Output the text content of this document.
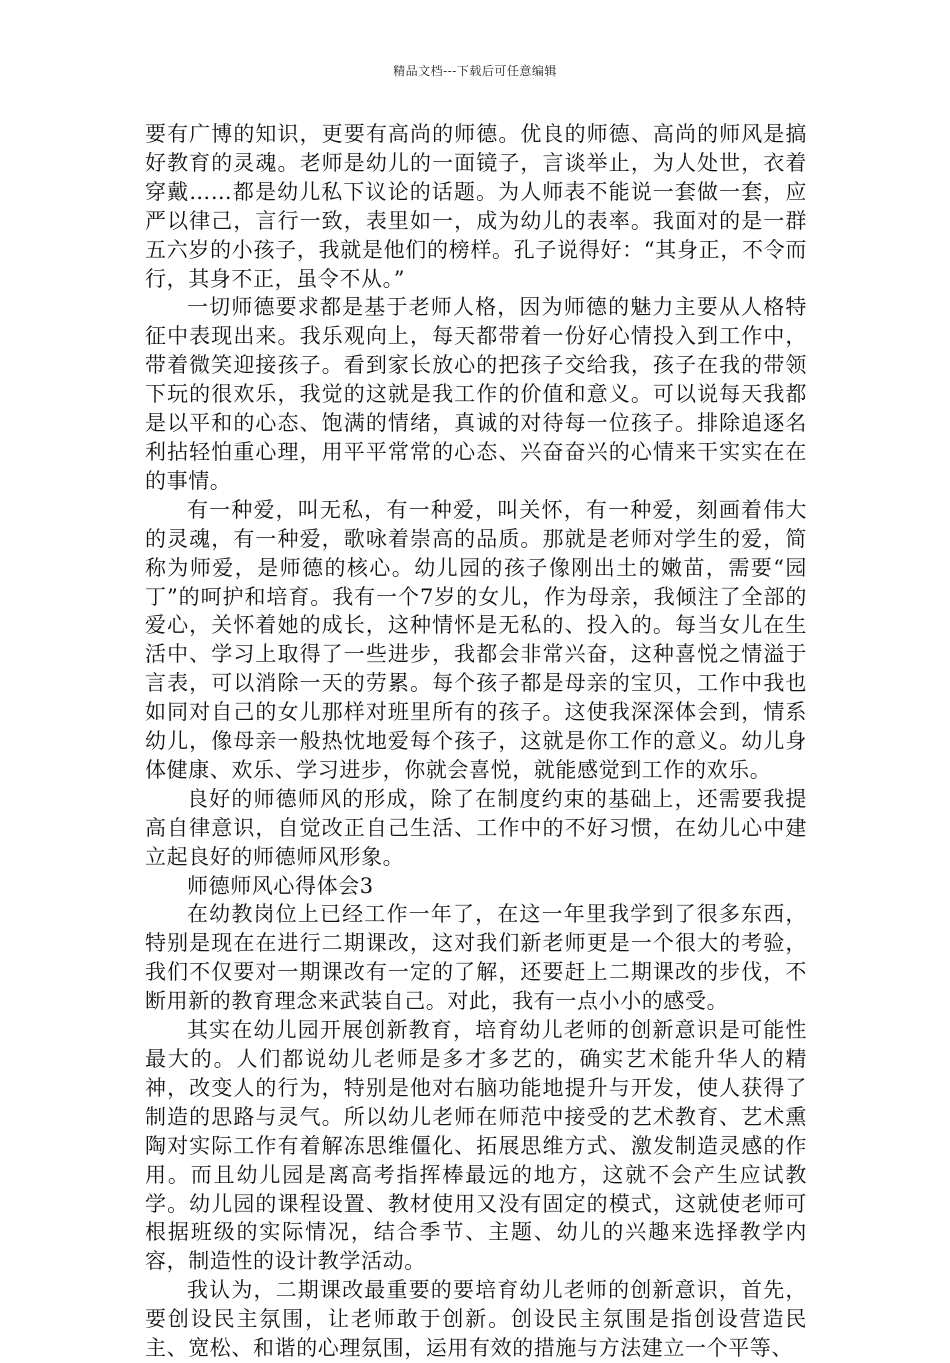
精品文档---下载后可任意编辑

要有广博的知识，更要有高尚的师德。优良的师德、高尚的师风是搞好教育的灵魂。老师是幼儿的一面镜子，言谈举止，为人处世，衣着穿戴……都是幼儿私下议论的话题。为人师表不能说一套做一套，应严以律己，言行一致，表里如一，成为幼儿的表率。我面对的是一群五六岁的小孩子，我就是他们的榜样。孔子说得好：“其身正，不令而行，其身不正，虽令不从。”

一切师德要求都是基于老师人格，因为师德的魅力主要从人格特征中表现出来。我乐观向上，每天都带着一份好心情投入到工作中，带着微笑迎接孩子。看到家长放心的把孩子交给我，孩子在我的带领下玩的很欢乐，我觉的这就是我工作的价值和意义。可以说每天我都是以平和的心态、饱满的情绪，真诚的对待每一位孩子。排除追逐名利拈轻怕重心理，用平平常常的心态、兴奋奋兴的心情来干实实在在的事情。

有一种爱，叫无私，有一种爱，叫关怀，有一种爱，刻画着伟大的灵魂，有一种爱，歌咏着崇高的品质。那就是老师对学生的爱，简称为师爱，是师德的核心。幼儿园的孩子像刚出土的嫩苗，需要“园丁”的呵护和培育。我有一个7岁的女儿，作为母亲，我倾注了全部的爱心，关怀着她的成长，这种情怀是无私的、投入的。每当女儿在生活中、学习上取得了一些进步，我都会非常兴奋，这种喜悦之情溢于言表，可以消除一天的劳累。每个孩子都是母亲的宝贝，工作中我也如同对自己的女儿那样对班里所有的孩子。这使我深深体会到，情系幼儿，像母亲一般热忱地爱每个孩子，这就是你工作的意义。幼儿身体健康、欢乐、学习进步，你就会喜悦，就能感觉到工作的欢乐。

良好的师德师风的形成，除了在制度约束的基础上，还需要我提高自律意识，自觉改正自己生活、工作中的不好习惯，在幼儿心中建立起良好的师德师风形象。

师德师风心得体会3

在幼教岗位上已经工作一年了，在这一年里我学到了很多东西，特别是现在在进行二期课改，这对我们新老师更是一个很大的考验，我们不仅要对一期课改有一定的了解，还要赶上二期课改的步伐，不断用新的教育理念来武装自己。对此，我有一点小小的感受。

其实在幼儿园开展创新教育，培育幼儿老师的创新意识是可能性最大的。人们都说幼儿老师是多才多艺的，确实艺术能升华人的精神，改变人的行为，特别是他对右脑功能地提升与开发，使人获得了制造的思路与灵气。所以幼儿老师在师范中接受的艺术教育、艺术熏陶对实际工作有着解冻思维僵化、拓展思维方式、激发制造灵感的作用。而且幼儿园是离高考指挥棒最远的地方，这就不会产生应试教学。幼儿园的课程设置、教材使用又没有固定的模式，这就使老师可根据班级的实际情况，结合季节、主题、幼儿的兴趣来选择教学内容，制造性的设计教学活动。

我认为，二期课改最重要的要培育幼儿老师的创新意识，首先，要创设民主氛围，让老师敢于创新。创设民主氛围是指创设营造民主、宽松、和谐的心理氛围，运用有效的措施与方法建立一个平等、
